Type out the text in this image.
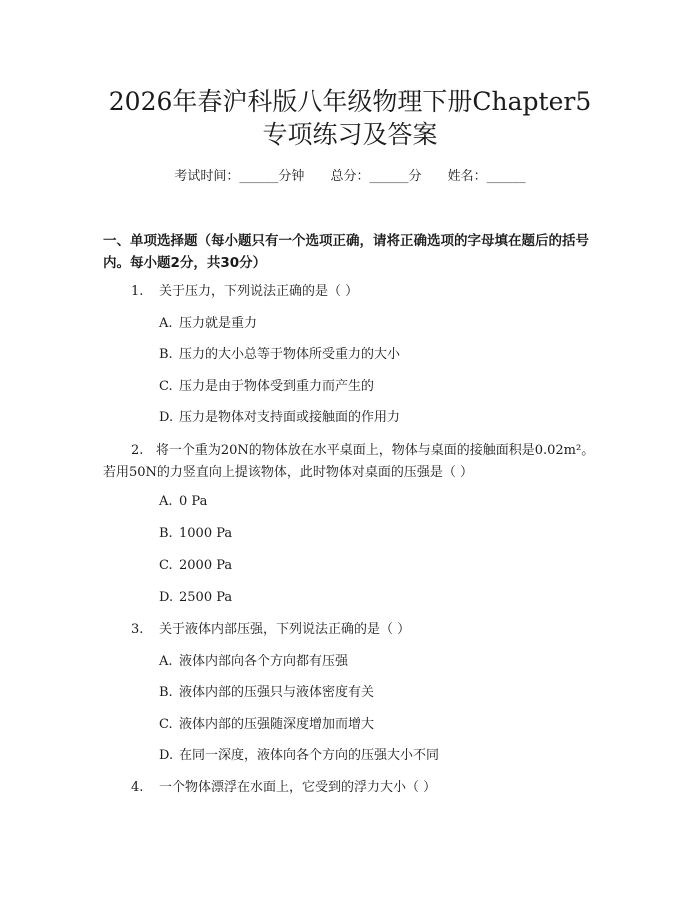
2026年春沪科版八年级物理下册Chapter5
专项练习及答案
考试时间：______分钟 总分：______分 姓名：______

一、单项选择题（每小题只有一个选项正确，请将正确选项的字母填在题后的括号内。每小题2分，共30分）

1. 关于压力，下列说法正确的是（ ）

A. 压力就是重力

B. 压力的大小总等于物体所受重力的大小

C. 压力是由于物体受到重力而产生的

D. 压力是物体对支持面或接触面的作用力

2. 将一个重为20N的物体放在水平桌面上，物体与桌面的接触面积是0.02m²。若用50N的力竖直向上提该物体，此时物体对桌面的压强是（ ）

A. 0 Pa

B. 1000 Pa

C. 2000 Pa

D. 2500 Pa

3. 关于液体内部压强，下列说法正确的是（ ）

A. 液体内部向各个方向都有压强

B. 液体内部的压强只与液体密度有关

C. 液体内部的压强随深度增加而增大

D. 在同一深度，液体向各个方向的压强大小不同

4. 一个物体漂浮在水面上，它受到的浮力大小（ ）
